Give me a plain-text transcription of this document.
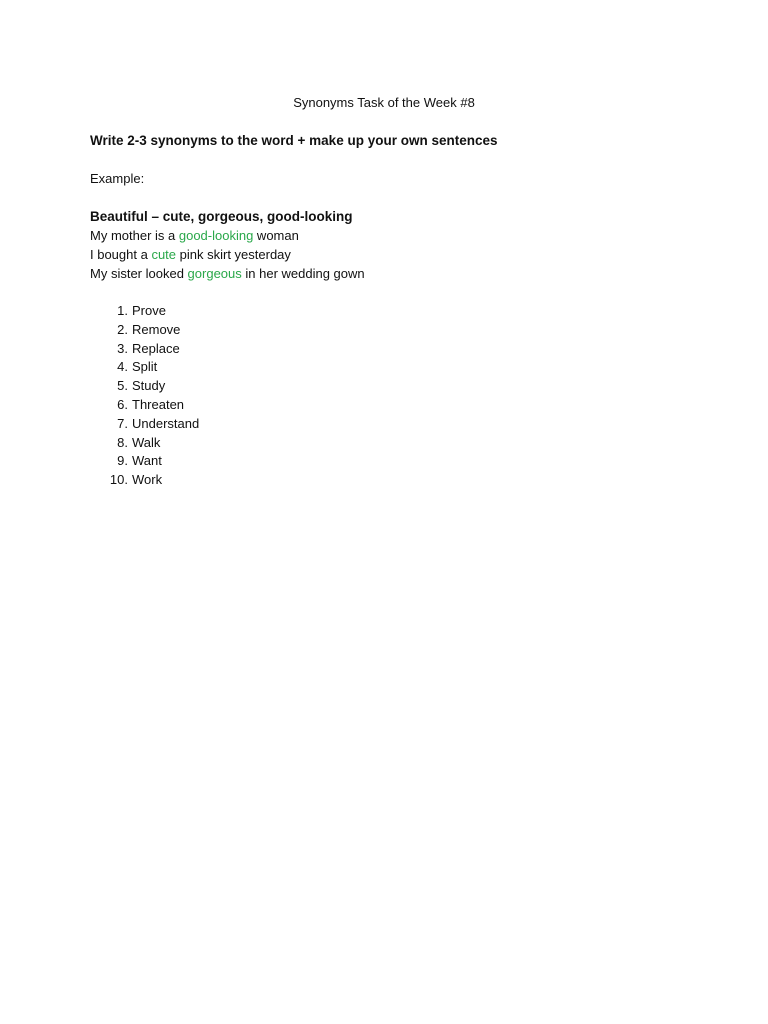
Synonyms Task of the Week #8

Write 2-3 synonyms to the word + make up your own sentences

Example:

Beautiful – cute, gorgeous, good-looking

My mother is a good-looking woman

I bought a cute pink skirt yesterday

My sister looked gorgeous in her wedding gown

1. Prove
2. Remove
3. Replace
4. Split
5. Study
6. Threaten
7. Understand
8. Walk
9. Want
10. Work
